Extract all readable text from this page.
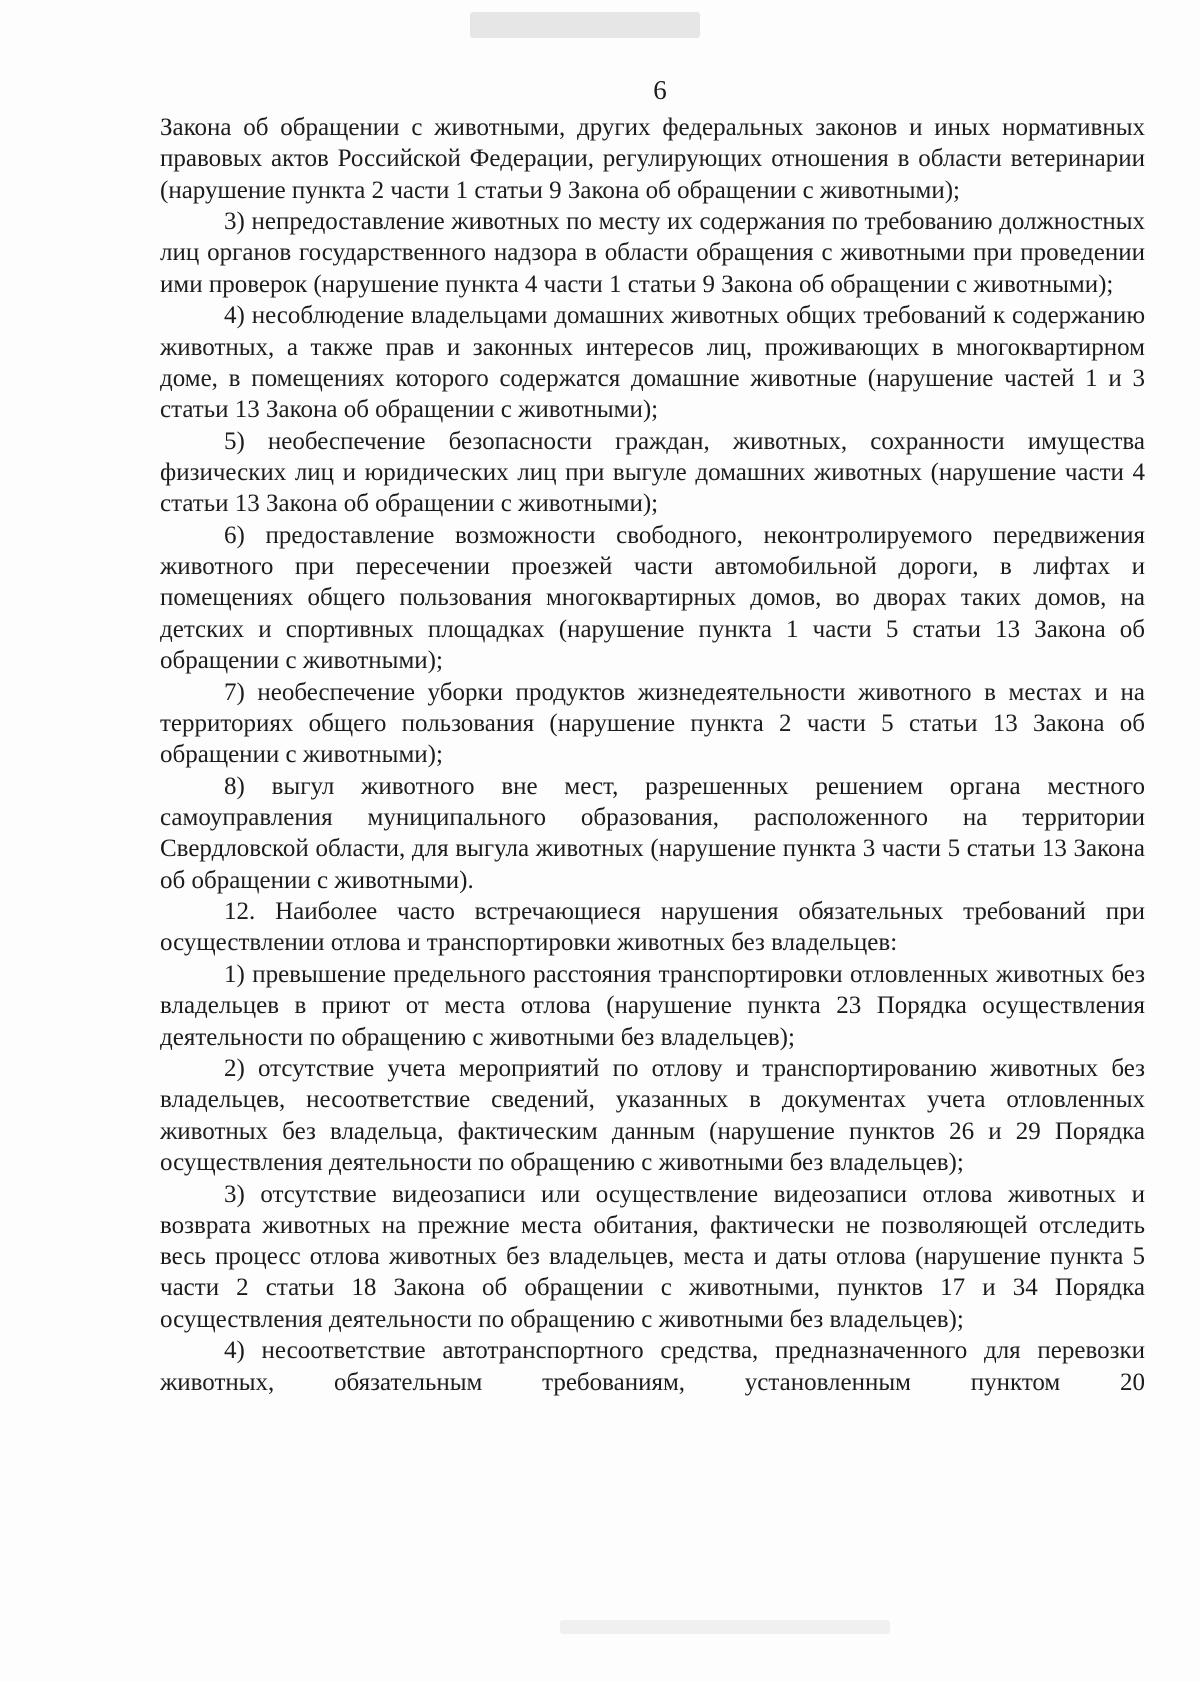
6

Закона об обращении с животными, других федеральных законов и иных нормативных правовых актов Российской Федерации, регулирующих отношения в области ветеринарии (нарушение пункта 2 части 1 статьи 9 Закона об обращении с животными);

3) непредоставление животных по месту их содержания по требованию должностных лиц органов государственного надзора в области обращения с животными при проведении ими проверок (нарушение пункта 4 части 1 статьи 9 Закона об обращении с животными);

4) несоблюдение владельцами домашних животных общих требований к содержанию животных, а также прав и законных интересов лиц, проживающих в многоквартирном доме, в помещениях которого содержатся домашние животные (нарушение частей 1 и 3 статьи 13 Закона об обращении с животными);

5) необеспечение безопасности граждан, животных, сохранности имущества физических лиц и юридических лиц при выгуле домашних животных (нарушение части 4 статьи 13 Закона об обращении с животными);

6) предоставление возможности свободного, неконтролируемого передвижения животного при пересечении проезжей части автомобильной дороги, в лифтах и помещениях общего пользования многоквартирных домов, во дворах таких домов, на детских и спортивных площадках (нарушение пункта 1 части 5 статьи 13 Закона об обращении с животными);

7) необеспечение уборки продуктов жизнедеятельности животного в местах и на территориях общего пользования (нарушение пункта 2 части 5 статьи 13 Закона об обращении с животными);

8) выгул животного вне мест, разрешенных решением органа местного самоуправления муниципального образования, расположенного на территории Свердловской области, для выгула животных (нарушение пункта 3 части 5 статьи 13 Закона об обращении с животными).

12. Наиболее часто встречающиеся нарушения обязательных требований при осуществлении отлова и транспортировки животных без владельцев:

1) превышение предельного расстояния транспортировки отловленных животных без владельцев в приют от места отлова (нарушение пункта 23 Порядка осуществления деятельности по обращению с животными без владельцев);

2) отсутствие учета мероприятий по отлову и транспортированию животных без владельцев, несоответствие сведений, указанных в документах учета отловленных животных без владельца, фактическим данным (нарушение пунктов 26 и 29 Порядка осуществления деятельности по обращению с животными без владельцев);

3) отсутствие видеозаписи или осуществление видеозаписи отлова животных и возврата животных на прежние места обитания, фактически не позволяющей отследить весь процесс отлова животных без владельцев, места и даты отлова (нарушение пункта 5 части 2 статьи 18 Закона об обращении с животными, пунктов 17 и 34 Порядка осуществления деятельности по обращению с животными без владельцев);

4) несоответствие автотранспортного средства, предназначенного для перевозки животных, обязательным требованиям, установленным пунктом 20
